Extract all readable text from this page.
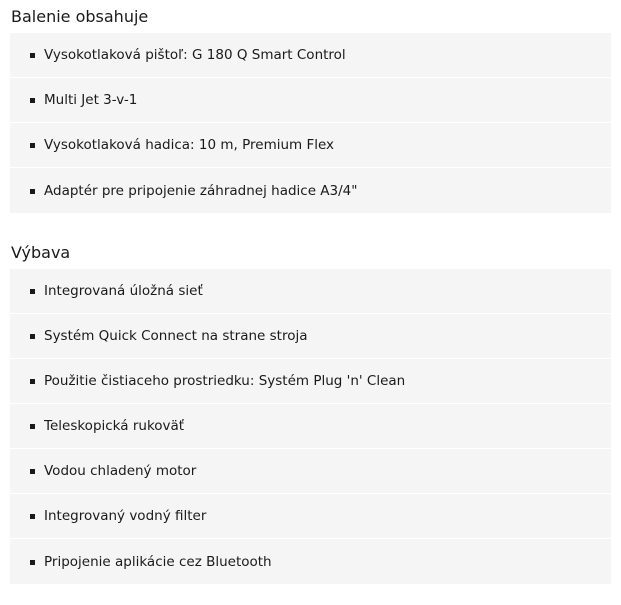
Balenie obsahuje
Vysokotlaková pištoľ: G 180 Q Smart Control
Multi Jet 3-v-1
Vysokotlaková hadica: 10 m, Premium Flex
Adaptér pre pripojenie záhradnej hadice A3/4"
Výbava
Integrovaná úložná sieť
Systém Quick Connect na strane stroja
Použitie čistiaceho prostriedku: Systém Plug 'n' Clean
Teleskopická rukoväť
Vodou chladený motor
Integrovaný vodný filter
Pripojenie aplikácie cez Bluetooth
